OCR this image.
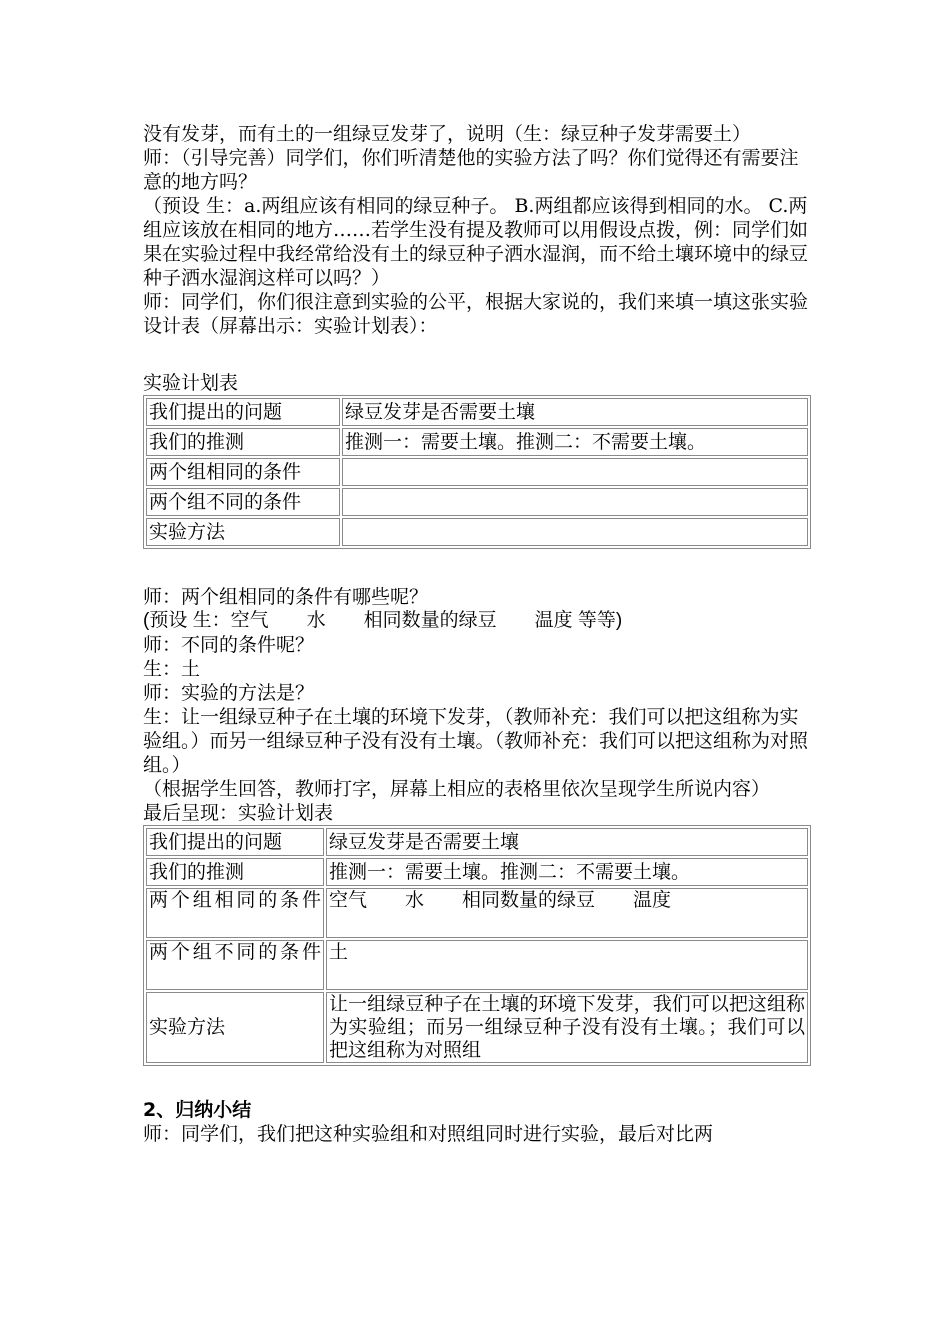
没有发芽，而有土的一组绿豆发芽了，说明（生：绿豆种子发芽需要土）

师：（引导完善）同学们，你们听清楚他的实验方法了吗？你们觉得还有需要注意的地方吗？

（预设 生：a.两组应该有相同的绿豆种子。 B.两组都应该得到相同的水。 C.两组应该放在相同的地方……若学生没有提及教师可以用假设点拨，例：同学们如果在实验过程中我经常给没有土的绿豆种子洒水湿润，而不给土壤环境中的绿豆种子洒水湿润这样可以吗？）

师：同学们，你们很注意到实验的公平，根据大家说的，我们来填一填这张实验设计表（屏幕出示：实验计划表）：

实验计划表

我们提出的问题	绿豆发芽是否需要土壤
我们的推测	推测一：需要土壤。推测二：不需要土壤。
两个组相同的条件	
两个组不同的条件	
实验方法	

师：两个组相同的条件有哪些呢？

(预设 生：空气　　水　　相同数量的绿豆　　温度 等等)

师：不同的条件呢？

生：土

师：实验的方法是？

生：让一组绿豆种子在土壤的环境下发芽，（教师补充：我们可以把这组称为实验组。）而另一组绿豆种子没有没有土壤。（教师补充：我们可以把这组称为对照组。）

（根据学生回答，教师打字，屏幕上相应的表格里依次呈现学生所说内容）

最后呈现：实验计划表

我们提出的问题	绿豆发芽是否需要土壤
我们的推测	推测一：需要土壤。推测二：不需要土壤。
两个组相同的条件	空气　　水　　相同数量的绿豆　　温度
两个组不同的条件	土
实验方法	让一组绿豆种子在土壤的环境下发芽，我们可以把这组称为实验组；而另一组绿豆种子没有没有土壤。；我们可以把这组称为对照组

2、归纳小结

师：同学们，我们把这种实验组和对照组同时进行实验，最后对比两
